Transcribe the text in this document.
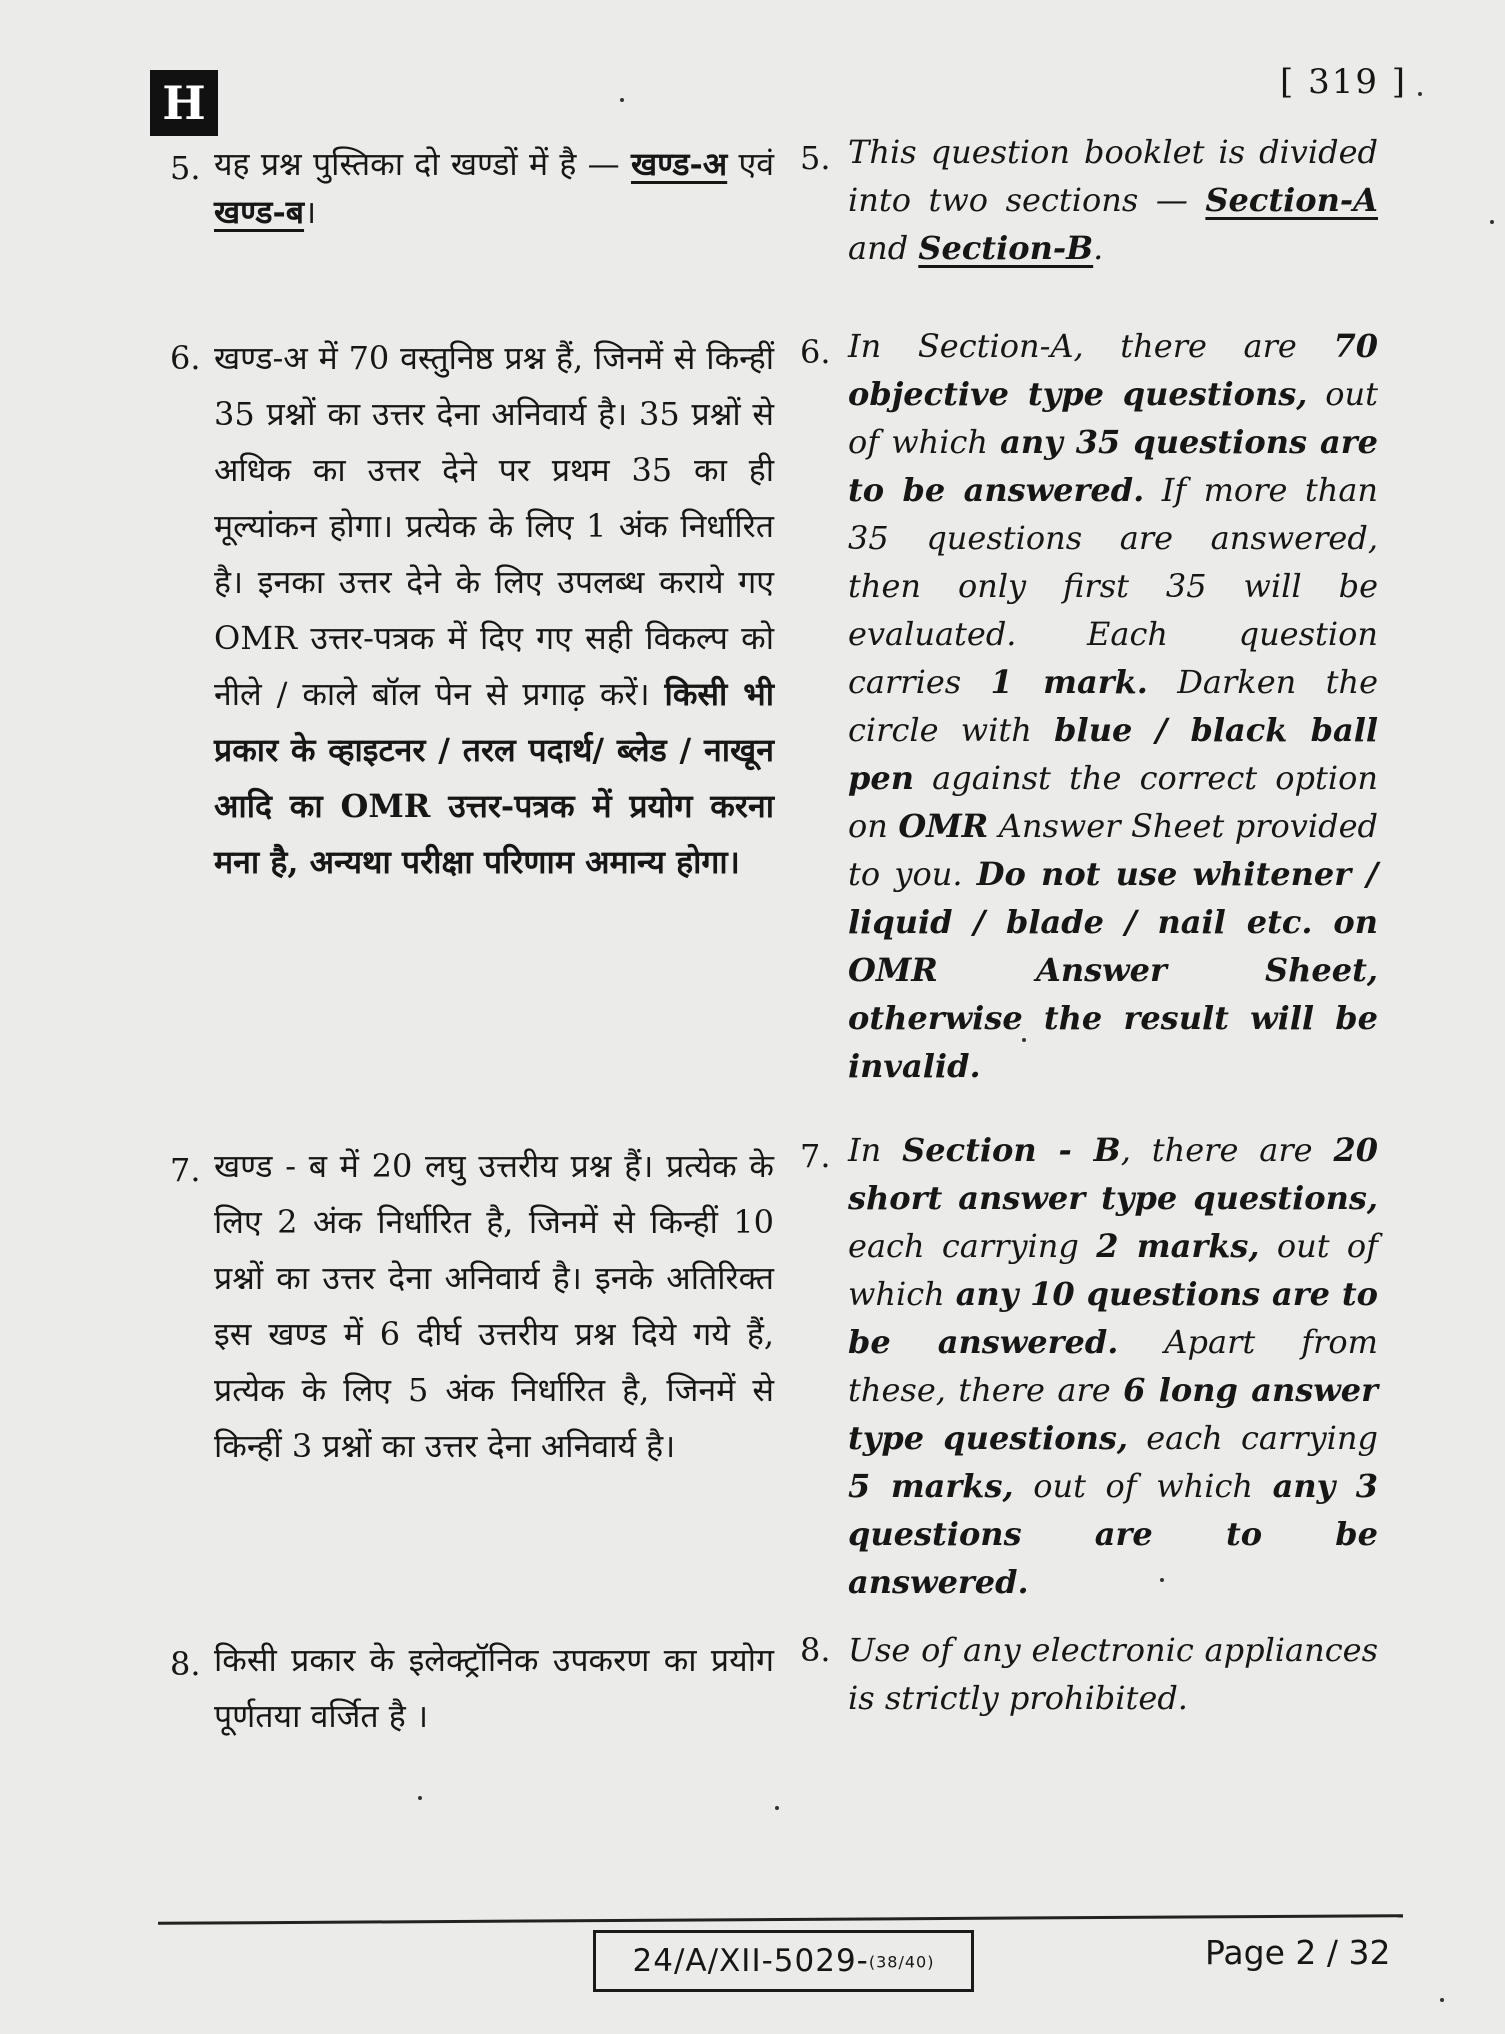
H	[ 319 ]
5. यह प्रश्न पुस्तिका दो खण्डों में है — खण्ड-अ एवं खण्ड-ब।
5. This question booklet is divided into two sections — Section-A and Section-B.
6. खण्ड-अ में 70 वस्तुनिष्ठ प्रश्न हैं, जिनमें से किन्हीं 35 प्रश्नों का उत्तर देना अनिवार्य है। 35 प्रश्नों से अधिक का उत्तर देने पर प्रथम 35 का ही मूल्यांकन होगा। प्रत्येक के लिए 1 अंक निर्धारित है। इनका उत्तर देने के लिए उपलब्ध कराये गए OMR उत्तर-पत्रक में दिए गए सही विकल्प को नीले / काले बॉल पेन से प्रगाढ़ करें। किसी भी प्रकार के व्हाइटनर / तरल पदार्थ/ ब्लेड / नाखून आदि का OMR उत्तर-पत्रक में प्रयोग करना मना है, अन्यथा परीक्षा परिणाम अमान्य होगा।
6. In Section-A, there are 70 objective type questions, out of which any 35 questions are to be answered. If more than 35 questions are answered, then only first 35 will be evaluated. Each question carries 1 mark. Darken the circle with blue / black ball pen against the correct option on OMR Answer Sheet provided to you. Do not use whitener / liquid / blade / nail etc. on OMR Answer Sheet, otherwise the result will be invalid.
7. खण्ड - ब में 20 लघु उत्तरीय प्रश्न हैं। प्रत्येक के लिए 2 अंक निर्धारित है, जिनमें से किन्हीं 10 प्रश्नों का उत्तर देना अनिवार्य है। इनके अतिरिक्त इस खण्ड में 6 दीर्घ उत्तरीय प्रश्न दिये गये हैं, प्रत्येक के लिए 5 अंक निर्धारित है, जिनमें से किन्हीं 3 प्रश्नों का उत्तर देना अनिवार्य है।
7. In Section - B, there are 20 short answer type questions, each carrying 2 marks, out of which any 10 questions are to be answered. Apart from these, there are 6 long answer type questions, each carrying 5 marks, out of which any 3 questions are to be answered.
8. किसी प्रकार के इलेक्ट्रॉनिक उपकरण का प्रयोग पूर्णतया वर्जित है ।
8. Use of any electronic appliances is strictly prohibited.
24/A/XII-5029-(38/40)	Page 2 / 32
